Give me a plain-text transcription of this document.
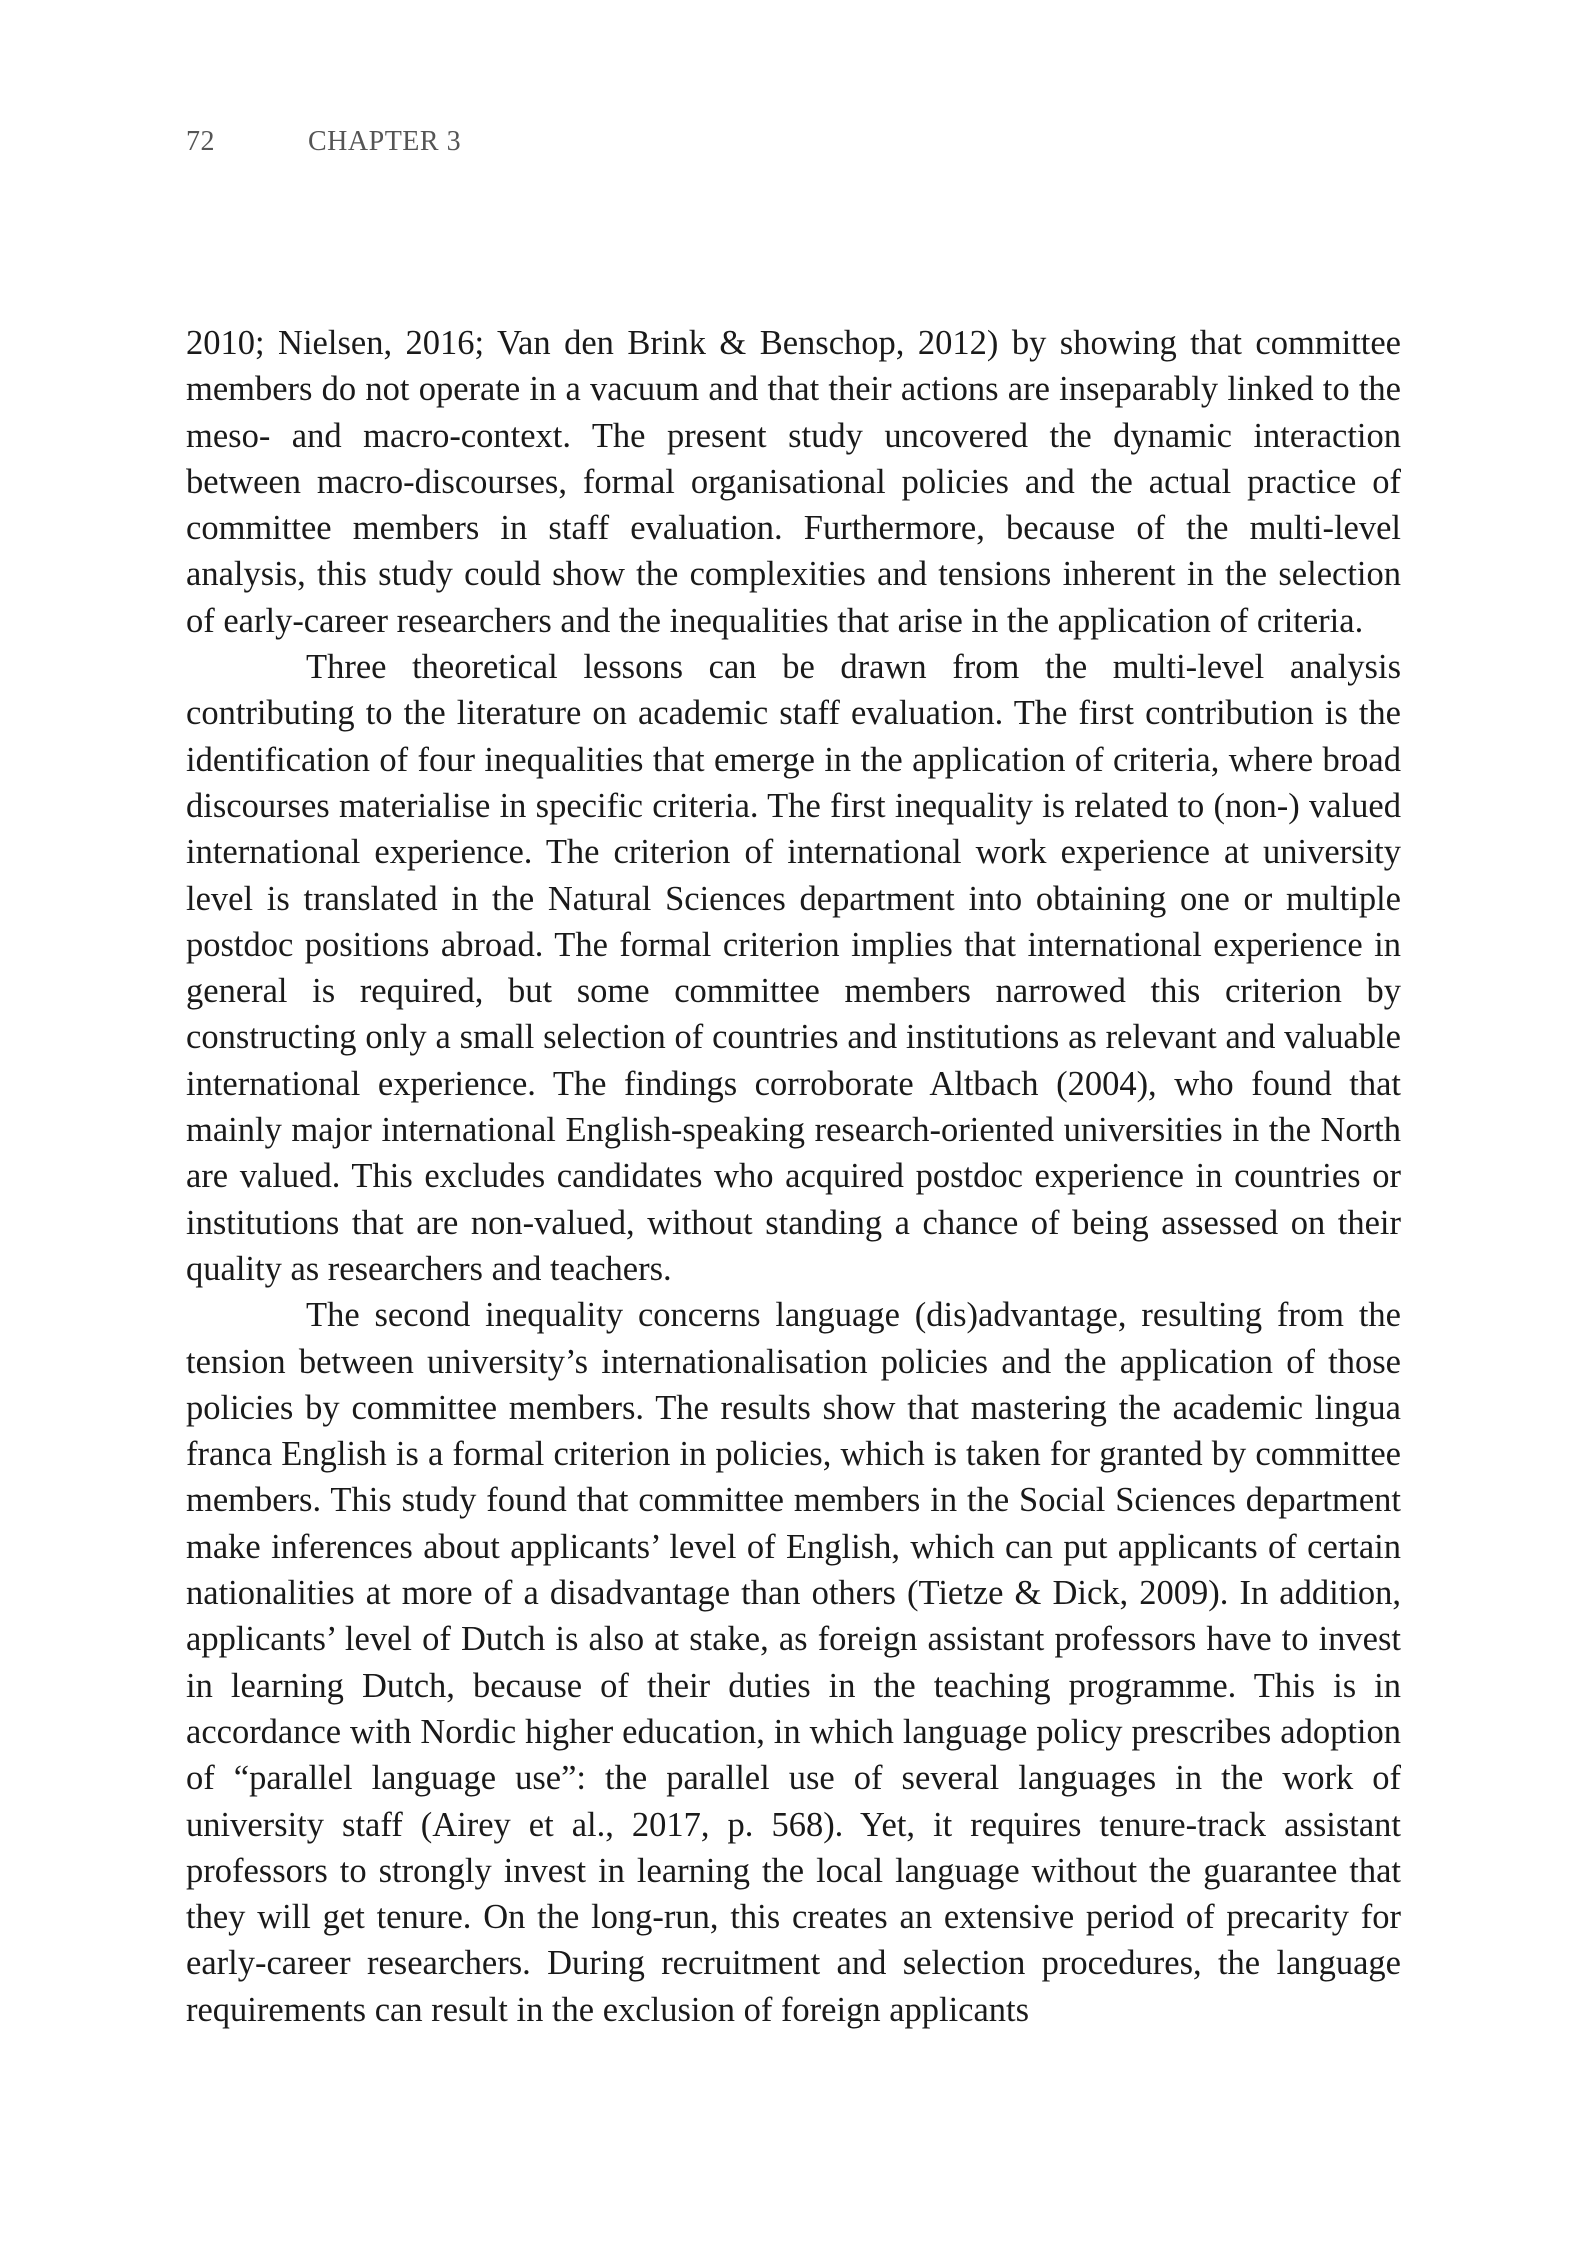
72	CHAPTER 3

2010; Nielsen, 2016; Van den Brink & Benschop, 2012) by showing that committee members do not operate in a vacuum and that their actions are inseparably linked to the meso- and macro-context. The present study uncovered the dynamic interaction between macro-discourses, formal organisational policies and the actual practice of committee members in staff evaluation. Furthermore, because of the multi-level analysis, this study could show the complexities and tensions inherent in the selection of early-career researchers and the inequalities that arise in the application of criteria.

Three theoretical lessons can be drawn from the multi-level analysis contributing to the literature on academic staff evaluation. The first contribution is the identification of four inequalities that emerge in the application of criteria, where broad discourses materialise in specific criteria. The first inequality is related to (non-) valued international experience. The criterion of international work experience at university level is translated in the Natural Sciences department into obtaining one or multiple postdoc positions abroad. The formal criterion implies that international experience in general is required, but some committee members narrowed this criterion by constructing only a small selection of countries and institutions as relevant and valuable international experience. The findings corroborate Altbach (2004), who found that mainly major international English-speaking research-oriented universities in the North are valued. This excludes candidates who acquired postdoc experience in countries or institutions that are non-valued, without standing a chance of being assessed on their quality as researchers and teachers.

The second inequality concerns language (dis)advantage, resulting from the tension between university’s internationalisation policies and the application of those policies by committee members. The results show that mastering the academic lingua franca English is a formal criterion in policies, which is taken for granted by committee members. This study found that committee members in the Social Sciences department make inferences about applicants’ level of English, which can put applicants of certain nationalities at more of a disadvantage than others (Tietze & Dick, 2009). In addition, applicants’ level of Dutch is also at stake, as foreign assistant professors have to invest in learning Dutch, because of their duties in the teaching programme. This is in accordance with Nordic higher education, in which language policy prescribes adoption of “parallel language use”: the parallel use of several languages in the work of university staff (Airey et al., 2017, p. 568). Yet, it requires tenure-track assistant professors to strongly invest in learning the local language without the guarantee that they will get tenure. On the long-run, this creates an extensive period of precarity for early-career researchers. During recruitment and selection procedures, the language requirements can result in the exclusion of foreign applicants
